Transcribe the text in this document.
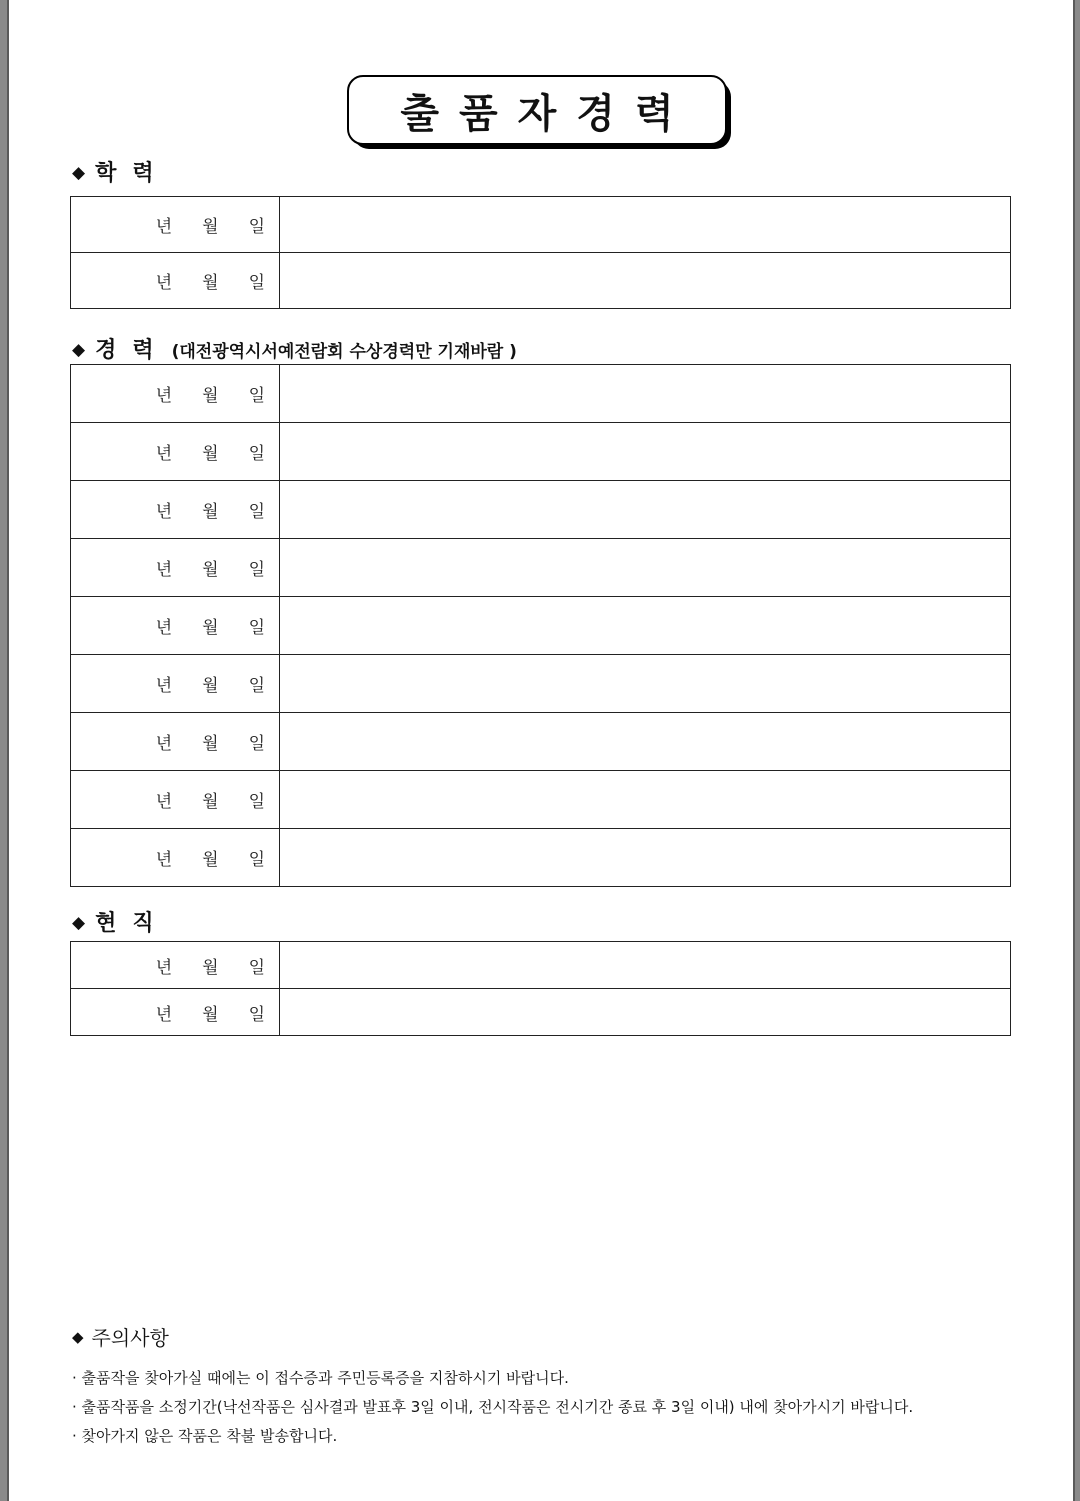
출품자경력
◆ 학력
년 월 일	

년 월 일	

◆ 경력 (대전광역시서예전람회 수상경력만 기재바람 )
년 월 일	

년 월 일	

년 월 일	

년 월 일	

년 월 일	

년 월 일	

년 월 일	

년 월 일	

년 월 일	

◆ 현직
년 월 일	

년 월 일	

◆ 주의사항
· 출품작을 찾아가실 때에는 이 접수증과 주민등록증을 지참하시기 바랍니다.
· 출품작품을 소정기간(낙선작품은 심사결과 발표후 3일 이내, 전시작품은 전시기간 종료 후 3일 이내) 내에 찾아가시기 바랍니다.
· 찾아가지 않은 작품은 착불 발송합니다.
